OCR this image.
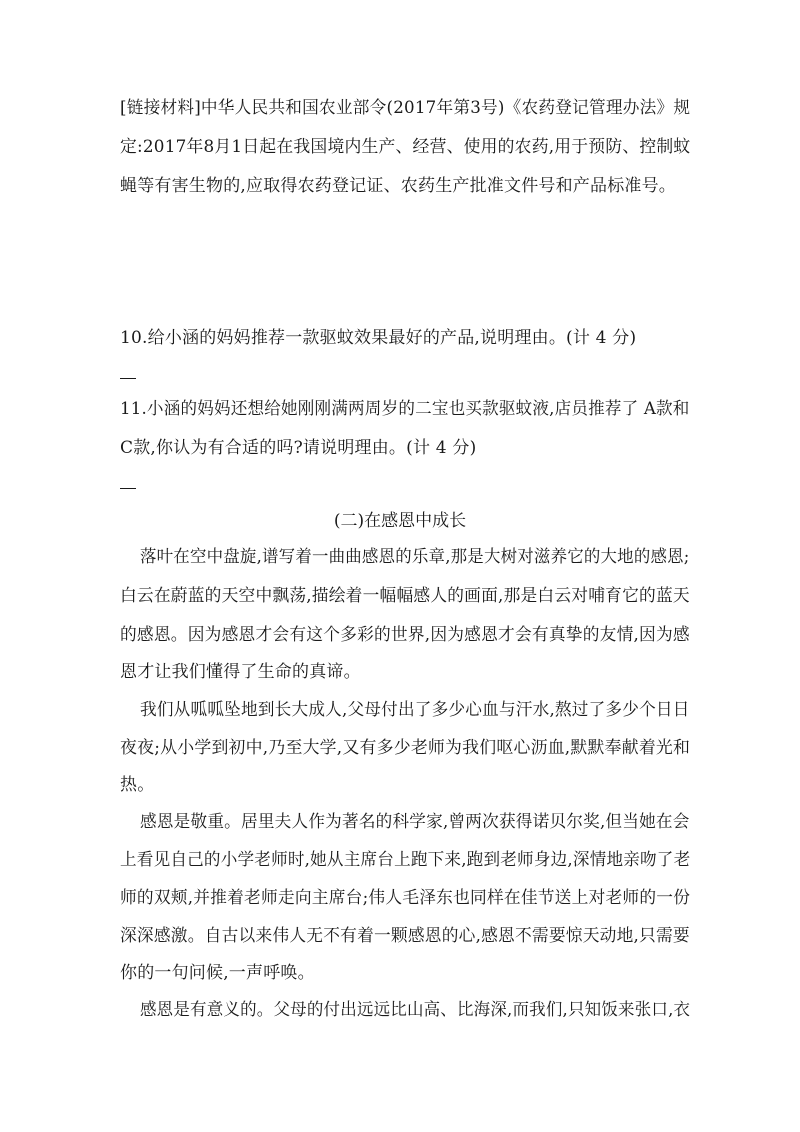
[链接材料]中华人民共和国农业部令(2017年第3号)《农药登记管理办法》规
定:2017年8月1日起在我国境内生产、经营、使用的农药,用于预防、控制蚊
蝇等有害生物的,应取得农药登记证、农药生产批准文件号和产品标准号。
10.给小涵的妈妈推荐一款驱蚊效果最好的产品,说明理由。(计 4 分)
11.小涵的妈妈还想给她刚刚满两周岁的二宝也买款驱蚊液,店员推荐了 A款和
C款,你认为有合适的吗?请说明理由。(计 4 分)
(二)在感恩中成长
落叶在空中盘旋,谱写着一曲曲感恩的乐章,那是大树对滋养它的大地的感恩;
白云在蔚蓝的天空中飘荡,描绘着一幅幅感人的画面,那是白云对哺育它的蓝天
的感恩。因为感恩才会有这个多彩的世界,因为感恩才会有真挚的友情,因为感
恩才让我们懂得了生命的真谛。
我们从呱呱坠地到长大成人,父母付出了多少心血与汗水,熬过了多少个日日
夜夜;从小学到初中,乃至大学,又有多少老师为我们呕心沥血,默默奉献着光和
热。
感恩是敬重。居里夫人作为著名的科学家,曾两次获得诺贝尔奖,但当她在会
上看见自己的小学老师时,她从主席台上跑下来,跑到老师身边,深情地亲吻了老
师的双颊,并推着老师走向主席台;伟人毛泽东也同样在佳节送上对老师的一份
深深感激。自古以来伟人无不有着一颗感恩的心,感恩不需要惊天动地,只需要
你的一句问候,一声呼唤。
感恩是有意义的。父母的付出远远比山高、比海深,而我们,只知饭来张口,衣
